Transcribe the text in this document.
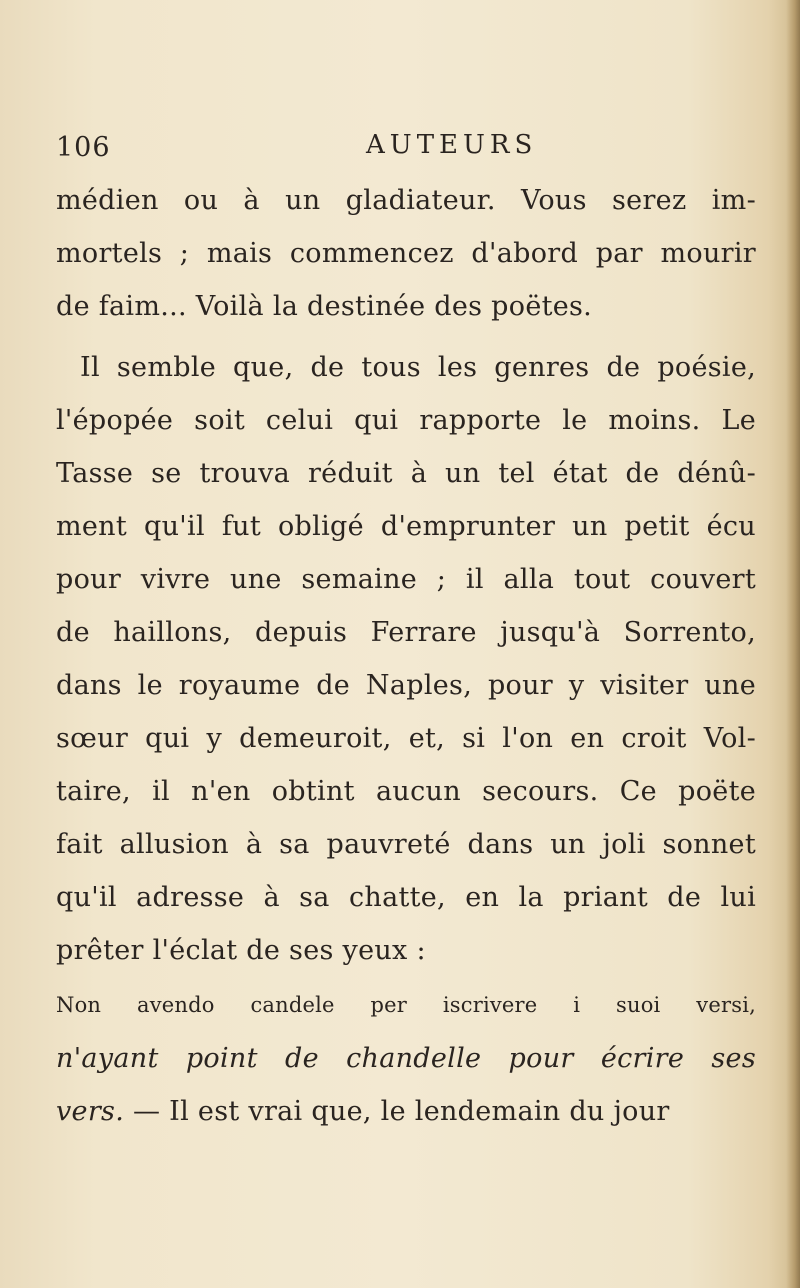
106	AUTEURS
médien ou à un gladiateur. Vous serez im-
mortels ; mais commencez d'abord par mourir
de faim... Voilà la destinée des poëtes.
Il semble que, de tous les genres de poésie,
l'épopée soit celui qui rapporte le moins. Le
Tasse se trouva réduit à un tel état de dénû-
ment qu'il fut obligé d'emprunter un petit écu
pour vivre une semaine ; il alla tout couvert
de haillons, depuis Ferrare jusqu'à Sorrento,
dans le royaume de Naples, pour y visiter une
sœur qui y demeuroit, et, si l'on en croit Vol-
taire, il n'en obtint aucun secours. Ce poëte
fait allusion à sa pauvreté dans un joli sonnet
qu'il adresse à sa chatte, en la priant de lui
prêter l'éclat de ses yeux :
Non avendo candele per iscrivere i suoi versi,
n'ayant point de chandelle pour écrire ses
vers. — Il est vrai que, le lendemain du jour
